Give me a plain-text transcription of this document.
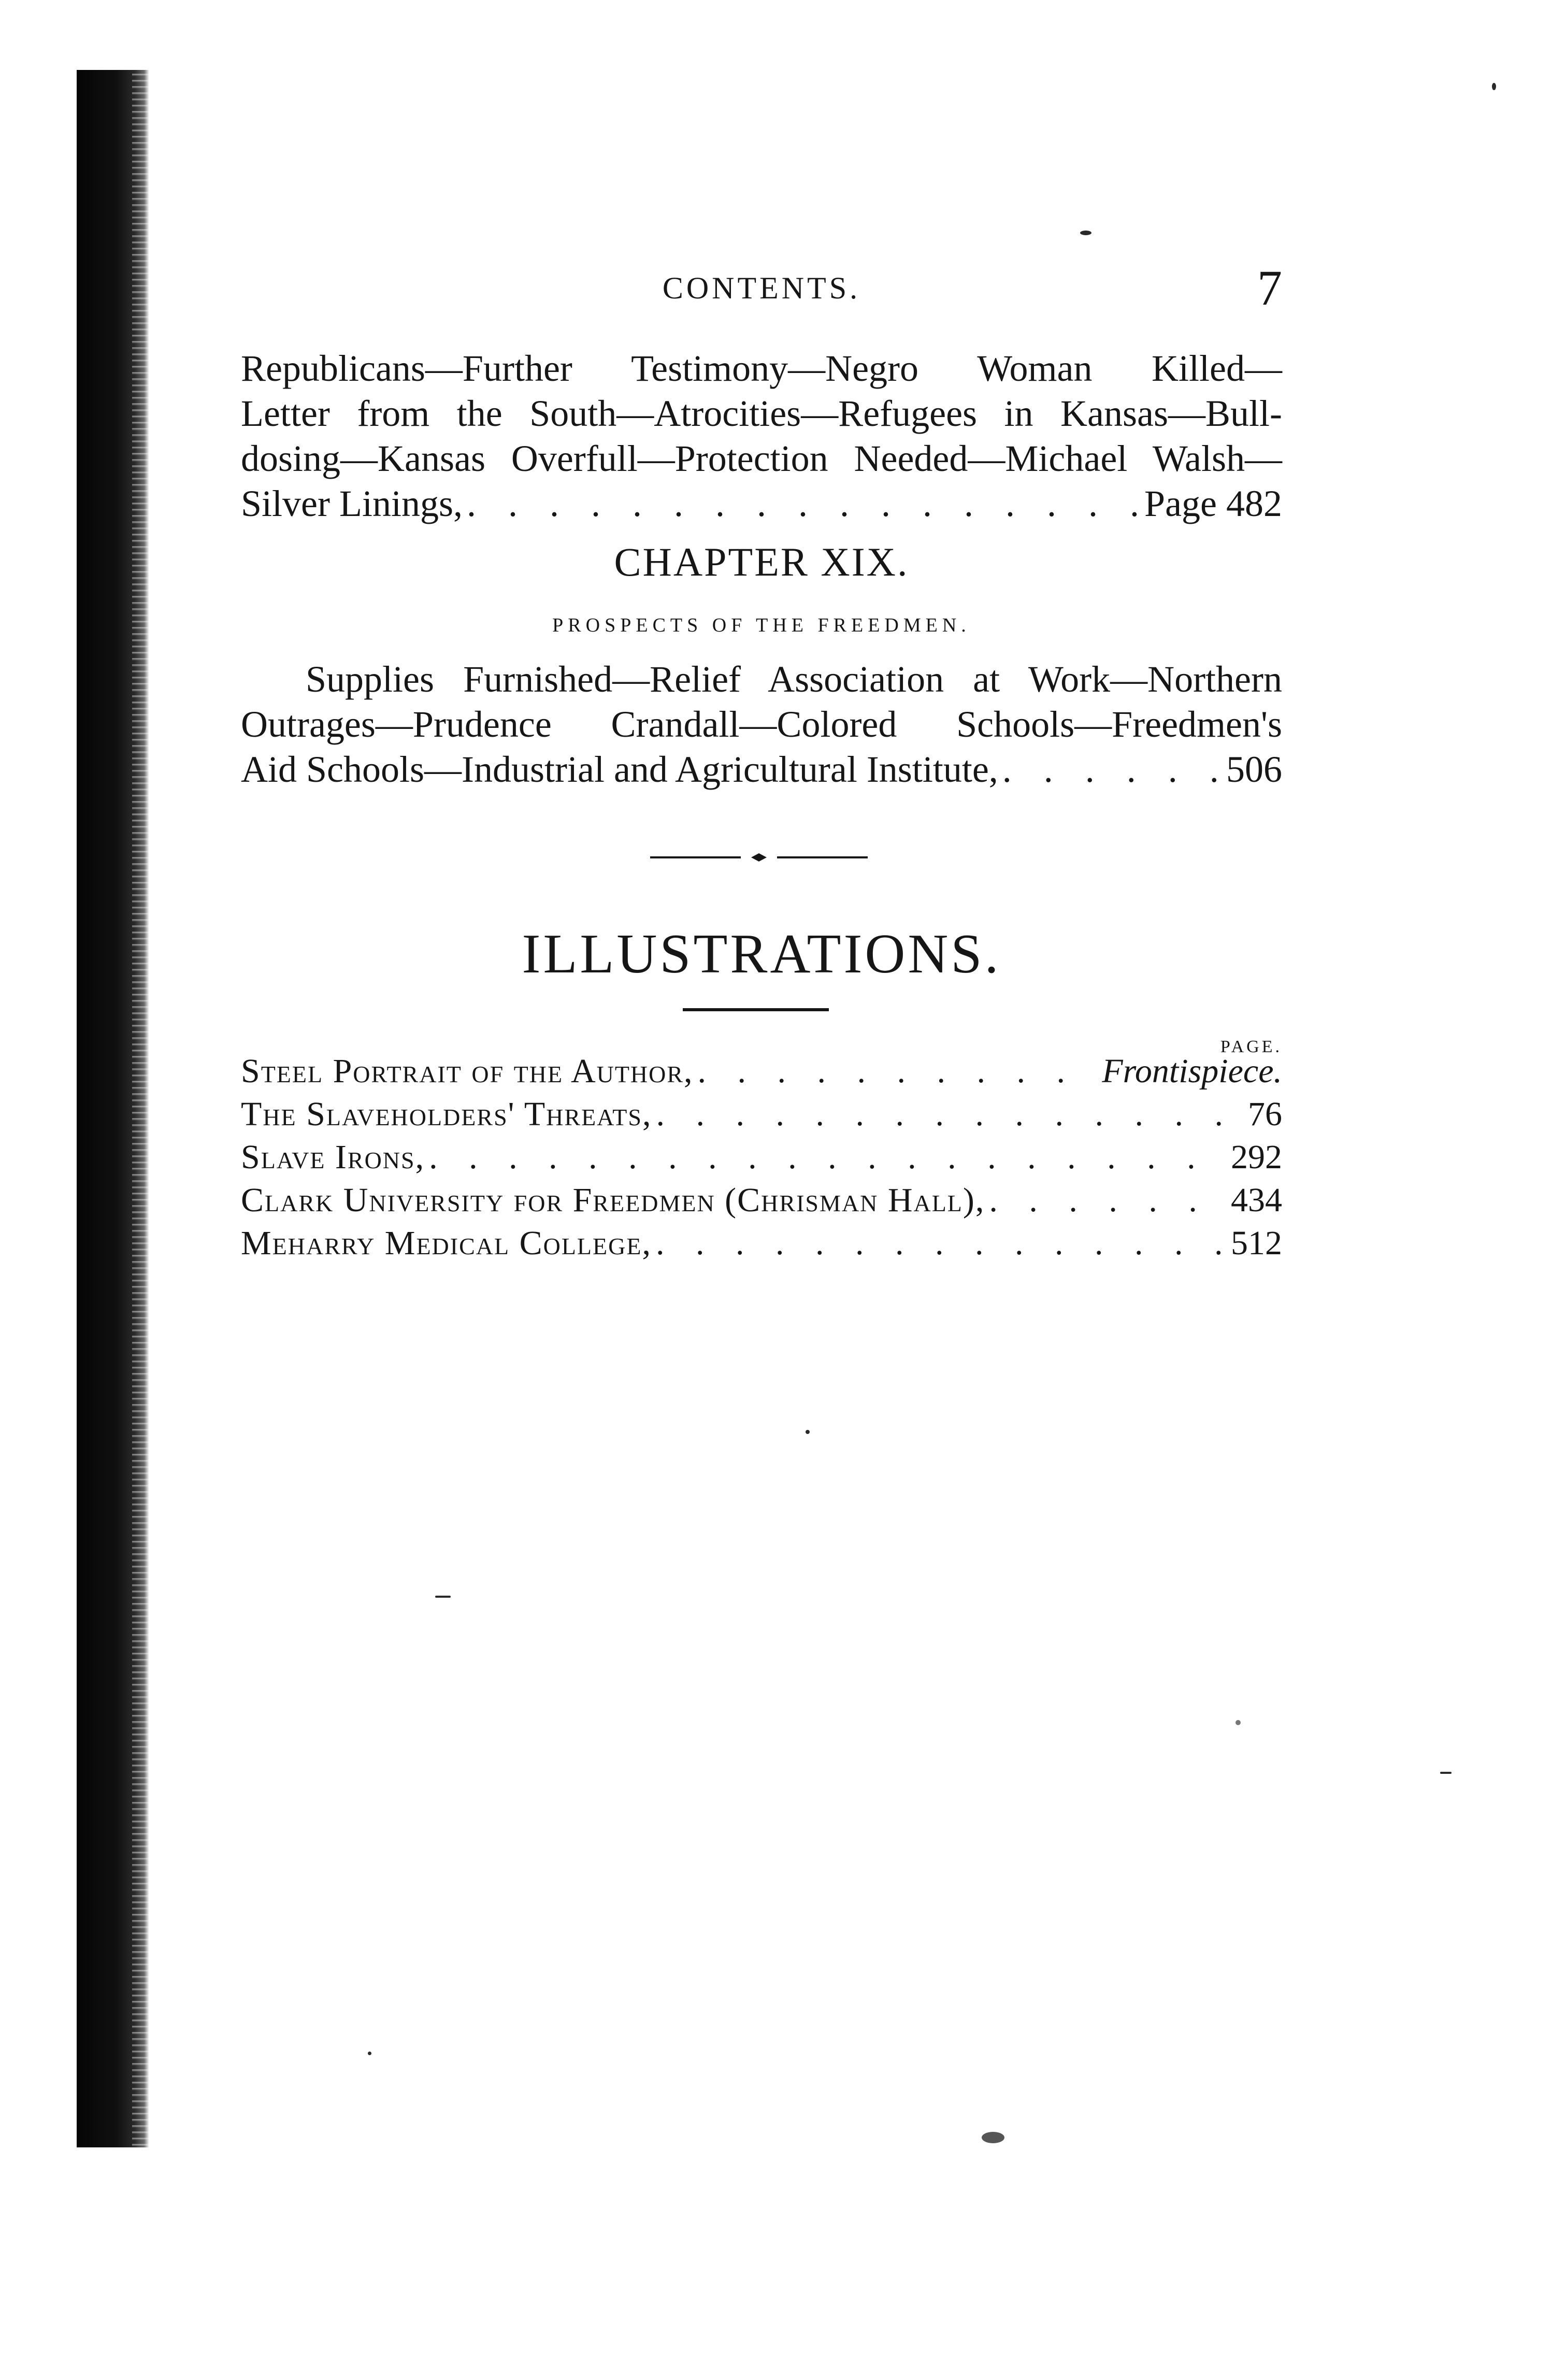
CONTENTS.	7
Republicans—Further Testimony—Negro Woman Killed—
Letter from the South—Atrocities—Refugees in Kansas—Bull-
dosing—Kansas Overfull—Protection Needed—Michael Walsh—
Silver Linings, . . .	Page 482
CHAPTER XIX.
PROSPECTS OF THE FREEDMEN.
Supplies Furnished—Relief Association at Work—Northern
Outrages—Prudence Crandall—Colored Schools—Freedmen's
Aid Schools—Industrial and Agricultural Institute, . . .	506
ILLUSTRATIONS.
PAGE.
Steel Portrait of the Author, . . .	Frontispiece.
The Slaveholders' Threats, . . .	76
Slave Irons, . . .	292
Clark University for Freedmen (Chrisman Hall), . . .	434
Meharry Medical College, . . .	512
